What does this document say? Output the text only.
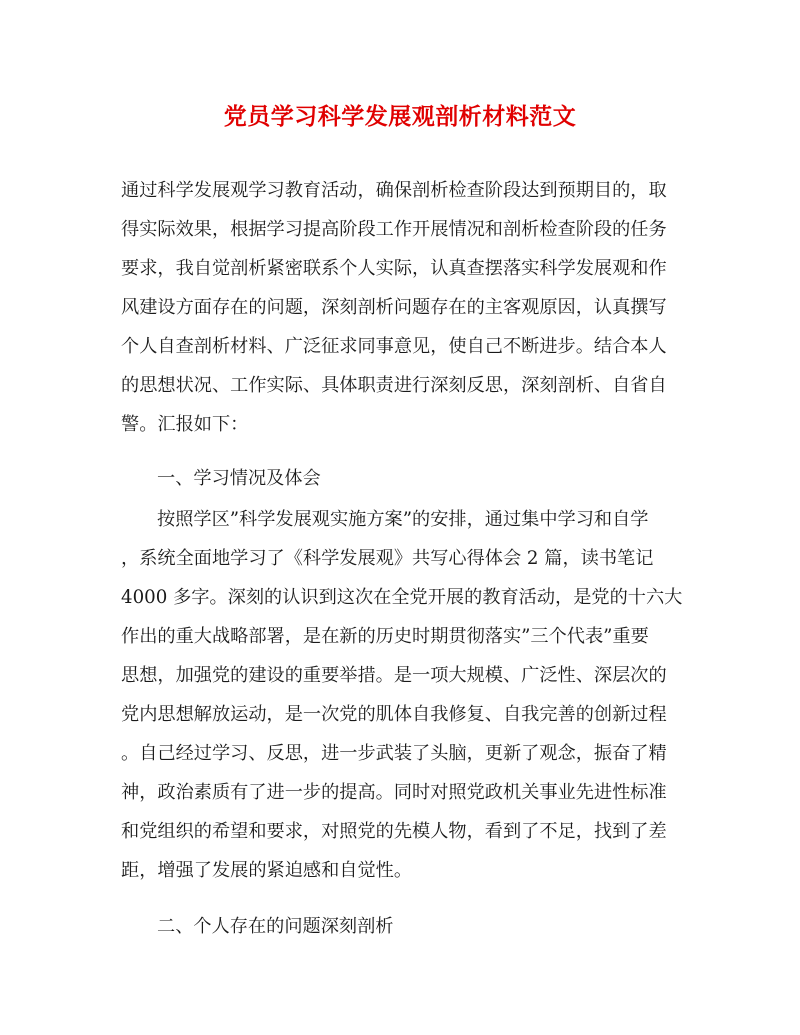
党员学习科学发展观剖析材料范文

通过科学发展观学习教育活动，确保剖析检查阶段达到预期目的，取

得实际效果，根据学习提高阶段工作开展情况和剖析检查阶段的任务

要求，我自觉剖析紧密联系个人实际，认真查摆落实科学发展观和作

风建设方面存在的问题，深刻剖析问题存在的主客观原因，认真撰写

个人自查剖析材料、广泛征求同事意见，使自己不断进步。结合本人

的思想状况、工作实际、具体职责进行深刻反思，深刻剖析、自省自

警。汇报如下：

一、学习情况及体会

按照学区”科学发展观实施方案”的安排，通过集中学习和自学

，系统全面地学习了《科学发展观》共写心得体会 2 篇，读书笔记

4000 多字。深刻的认识到这次在全党开展的教育活动，是党的十六大

作出的重大战略部署，是在新的历史时期贯彻落实”三个代表”重要

思想，加强党的建设的重要举措。是一项大规模、广泛性、深层次的

党内思想解放运动，是一次党的肌体自我修复、自我完善的创新过程

。自己经过学习、反思，进一步武装了头脑，更新了观念，振奋了精

神，政治素质有了进一步的提高。同时对照党政机关事业先进性标准

和党组织的希望和要求，对照党的先模人物，看到了不足，找到了差

距，增强了发展的紧迫感和自觉性。

二、个人存在的问题深刻剖析
